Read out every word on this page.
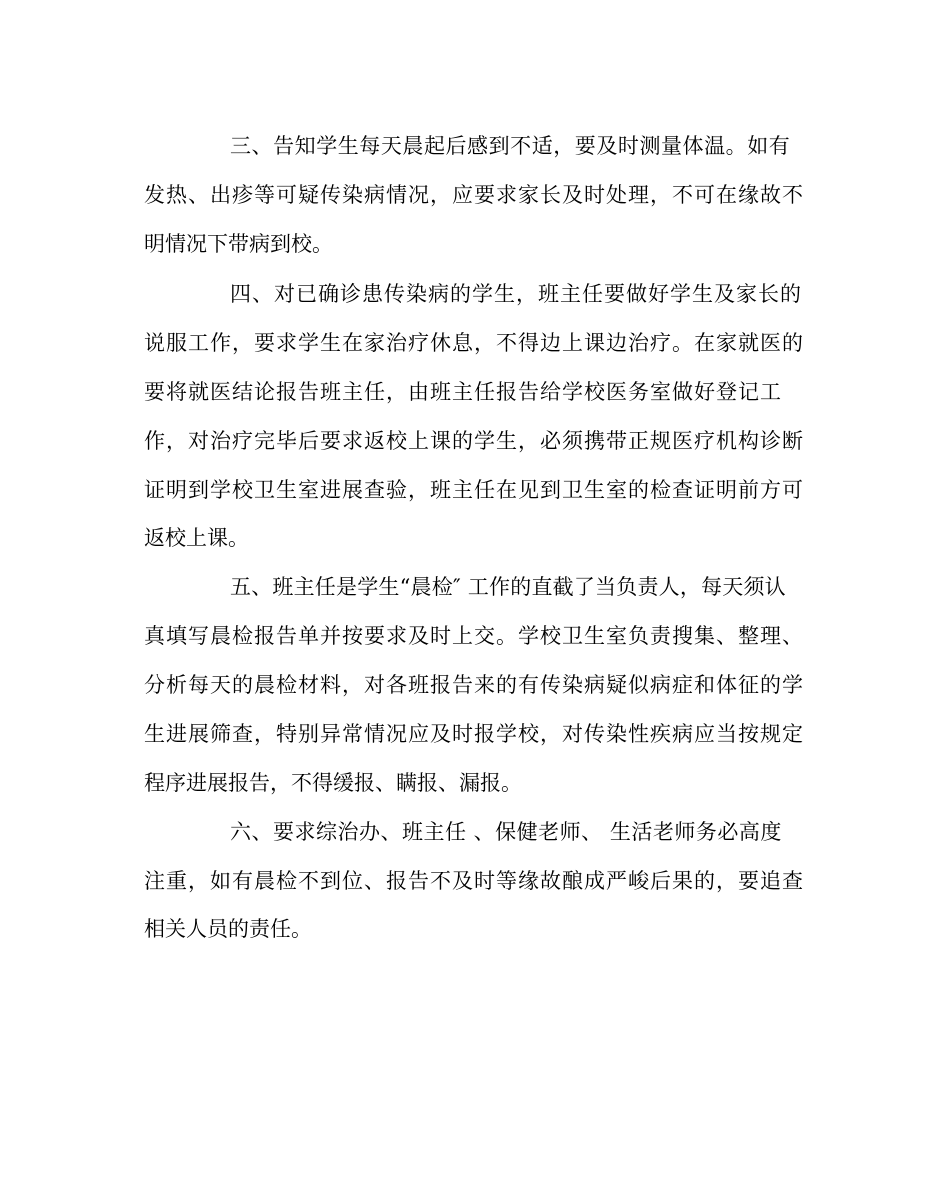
三、告知学生每天晨起后感到不适，要及时测量体温。如有

发热、出疹等可疑传染病情况，应要求家长及时处理，不可在缘故不

明情况下带病到校。

四、对已确诊患传染病的学生，班主任要做好学生及家长的

说服工作，要求学生在家治疗休息，不得边上课边治疗。在家就医的

要将就医结论报告班主任，由班主任报告给学校医务室做好登记工

作，对治疗完毕后要求返校上课的学生，必须携带正规医疗机构诊断

证明到学校卫生室进展查验，班主任在见到卫生室的检查证明前方可

返校上课。

五、班主任是学生“晨检″ 工作的直截了当负责人，每天须认

真填写晨检报告单并按要求及时上交。学校卫生室负责搜集、整理、

分析每天的晨检材料，对各班报告来的有传染病疑似病症和体征的学

生进展筛查，特别异常情况应及时报学校，对传染性疾病应当按规定

程序进展报告，不得缓报、瞒报、漏报。

六、要求综治办、班主任 、保健老师、 生活老师务必高度

注重，如有晨检不到位、报告不及时等缘故酿成严峻后果的，要追查

相关人员的责任。
